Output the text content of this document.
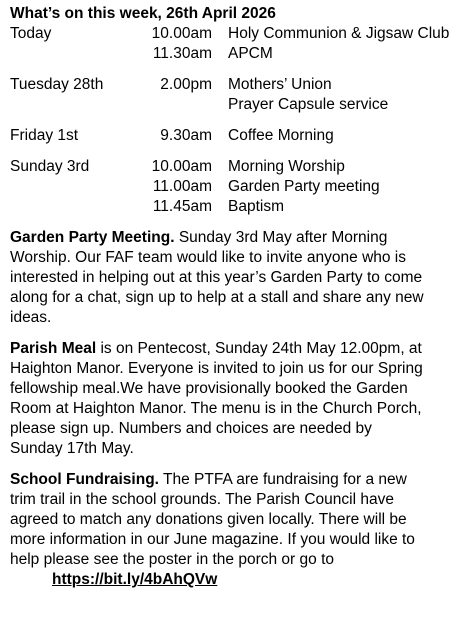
What’s on this week, 26th April 2026
Today	10.00am	Holy Communion & Jigsaw Club
11.30am	APCM
Tuesday 28th	2.00pm	Mothers’ Union
Prayer Capsule service
Friday 1st	9.30am	Coffee Morning
Sunday 3rd	10.00am	Morning Worship
11.00am	Garden Party meeting
11.45am	Baptism
Garden Party Meeting. Sunday 3rd May after Morning
Worship. Our FAF team would like to invite anyone who is
interested in helping out at this year’s Garden Party to come
along for a chat, sign up to help at a stall and share any new
ideas.
Parish Meal is on Pentecost, Sunday 24th May 12.00pm, at
Haighton Manor. Everyone is invited to join us for our Spring
fellowship meal.We have provisionally booked the Garden
Room at Haighton Manor. The menu is in the Church Porch,
please sign up. Numbers and choices are needed by
Sunday 17th May.
School Fundraising. The PTFA are fundraising for a new
trim trail in the school grounds. The Parish Council have
agreed to match any donations given locally. There will be
more information in our June magazine. If you would like to
help please see the poster in the porch or go to
https://bit.ly/4bAhQVw
